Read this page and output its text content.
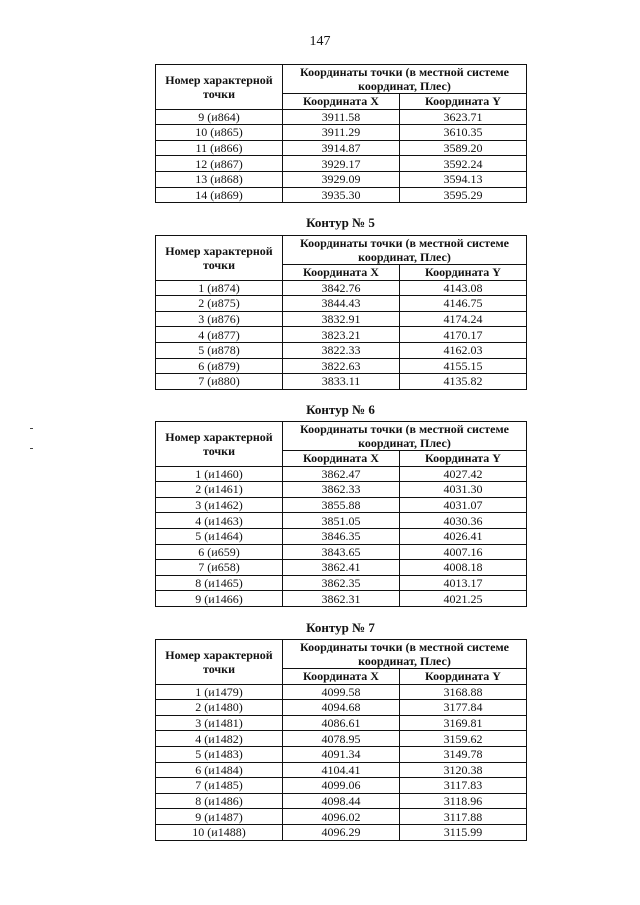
147
Номер характерной точки	Координаты точки (в местной системе координат, Плес)	
	Координата X	Координата Y
9 (и864)	3911.58	3623.71
10 (и865)	3911.29	3610.35
11 (и866)	3914.87	3589.20
12 (и867)	3929.17	3592.24
13 (и868)	3929.09	3594.13
14 (и869)	3935.30	3595.29
Контур № 5
Номер характерной точки	Координаты точки (в местной системе координат, Плес)	
	Координата X	Координата Y
1 (и874)	3842.76	4143.08
2 (и875)	3844.43	4146.75
3 (и876)	3832.91	4174.24
4 (и877)	3823.21	4170.17
5 (и878)	3822.33	4162.03
6 (и879)	3822.63	4155.15
7 (и880)	3833.11	4135.82
Контур № 6
Номер характерной точки	Координаты точки (в местной системе координат, Плес)	
	Координата X	Координата Y
1 (и1460)	3862.47	4027.42
2 (и1461)	3862.33	4031.30
3 (и1462)	3855.88	4031.07
4 (и1463)	3851.05	4030.36
5 (и1464)	3846.35	4026.41
6 (и659)	3843.65	4007.16
7 (и658)	3862.41	4008.18
8 (и1465)	3862.35	4013.17
9 (и1466)	3862.31	4021.25
Контур № 7
Номер характерной точки	Координаты точки (в местной системе координат, Плес)	
	Координата X	Координата Y
1 (и1479)	4099.58	3168.88
2 (и1480)	4094.68	3177.84
3 (и1481)	4086.61	3169.81
4 (и1482)	4078.95	3159.62
5 (и1483)	4091.34	3149.78
6 (и1484)	4104.41	3120.38
7 (и1485)	4099.06	3117.83
8 (и1486)	4098.44	3118.96
9 (и1487)	4096.02	3117.88
10 (и1488)	4096.29	3115.99
